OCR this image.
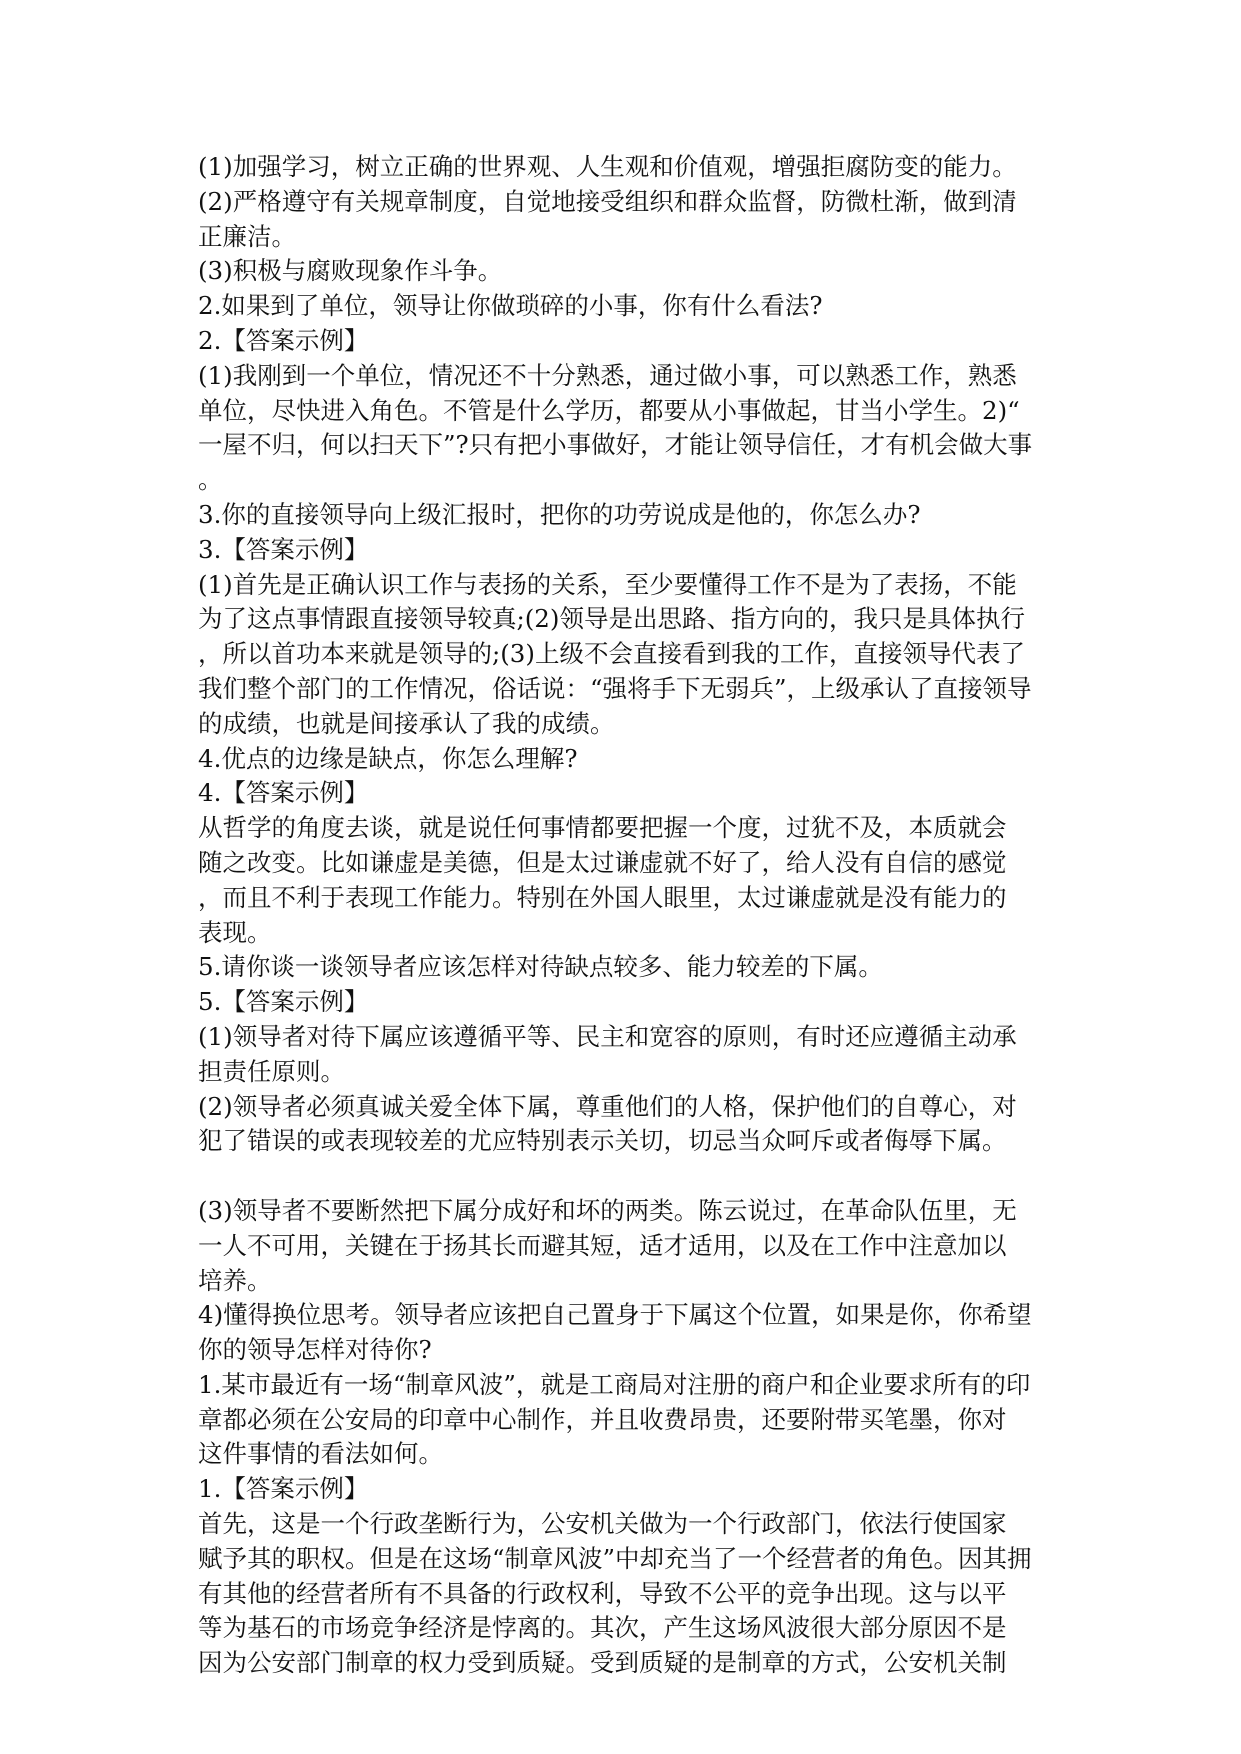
(1)加强学习，树立正确的世界观、人生观和价值观，增强拒腐防变的能力。
(2)严格遵守有关规章制度，自觉地接受组织和群众监督，防微杜渐，做到清
正廉洁。
(3)积极与腐败现象作斗争。
2.如果到了单位，领导让你做琐碎的小事，你有什么看法?
2.【答案示例】
(1)我刚到一个单位，情况还不十分熟悉，通过做小事，可以熟悉工作，熟悉
单位，尽快进入角色。不管是什么学历，都要从小事做起，甘当小学生。2)“
一屋不归，何以扫天下”?只有把小事做好，才能让领导信任，才有机会做大事
。
3.你的直接领导向上级汇报时，把你的功劳说成是他的，你怎么办?
3.【答案示例】
(1)首先是正确认识工作与表扬的关系，至少要懂得工作不是为了表扬，不能
为了这点事情跟直接领导较真;(2)领导是出思路、指方向的，我只是具体执行
，所以首功本来就是领导的;(3)上级不会直接看到我的工作，直接领导代表了
我们整个部门的工作情况，俗话说：“强将手下无弱兵”，上级承认了直接领导
的成绩，也就是间接承认了我的成绩。
4.优点的边缘是缺点，你怎么理解?
4.【答案示例】
从哲学的角度去谈，就是说任何事情都要把握一个度，过犹不及，本质就会
随之改变。比如谦虚是美德，但是太过谦虚就不好了，给人没有自信的感觉
，而且不利于表现工作能力。特别在外国人眼里，太过谦虚就是没有能力的
表现。
5.请你谈一谈领导者应该怎样对待缺点较多、能力较差的下属。
5.【答案示例】
(1)领导者对待下属应该遵循平等、民主和宽容的原则，有时还应遵循主动承
担责任原则。
(2)领导者必须真诚关爱全体下属，尊重他们的人格，保护他们的自尊心，对
犯了错误的或表现较差的尤应特别表示关切，切忌当众呵斥或者侮辱下属。
(3)领导者不要断然把下属分成好和坏的两类。陈云说过，在革命队伍里，无
一人不可用，关键在于扬其长而避其短，适才适用，以及在工作中注意加以
培养。
4)懂得换位思考。领导者应该把自己置身于下属这个位置，如果是你，你希望
你的领导怎样对待你?
1.某市最近有一场“制章风波”，就是工商局对注册的商户和企业要求所有的印
章都必须在公安局的印章中心制作，并且收费昂贵，还要附带买笔墨，你对
这件事情的看法如何。
1.【答案示例】
首先，这是一个行政垄断行为，公安机关做为一个行政部门，依法行使国家
赋予其的职权。但是在这场“制章风波”中却充当了一个经营者的角色。因其拥
有其他的经营者所有不具备的行政权利，导致不公平的竞争出现。这与以平
等为基石的市场竞争经济是悖离的。其次，产生这场风波很大部分原因不是
因为公安部门制章的权力受到质疑。受到质疑的是制章的方式，公安机关制
